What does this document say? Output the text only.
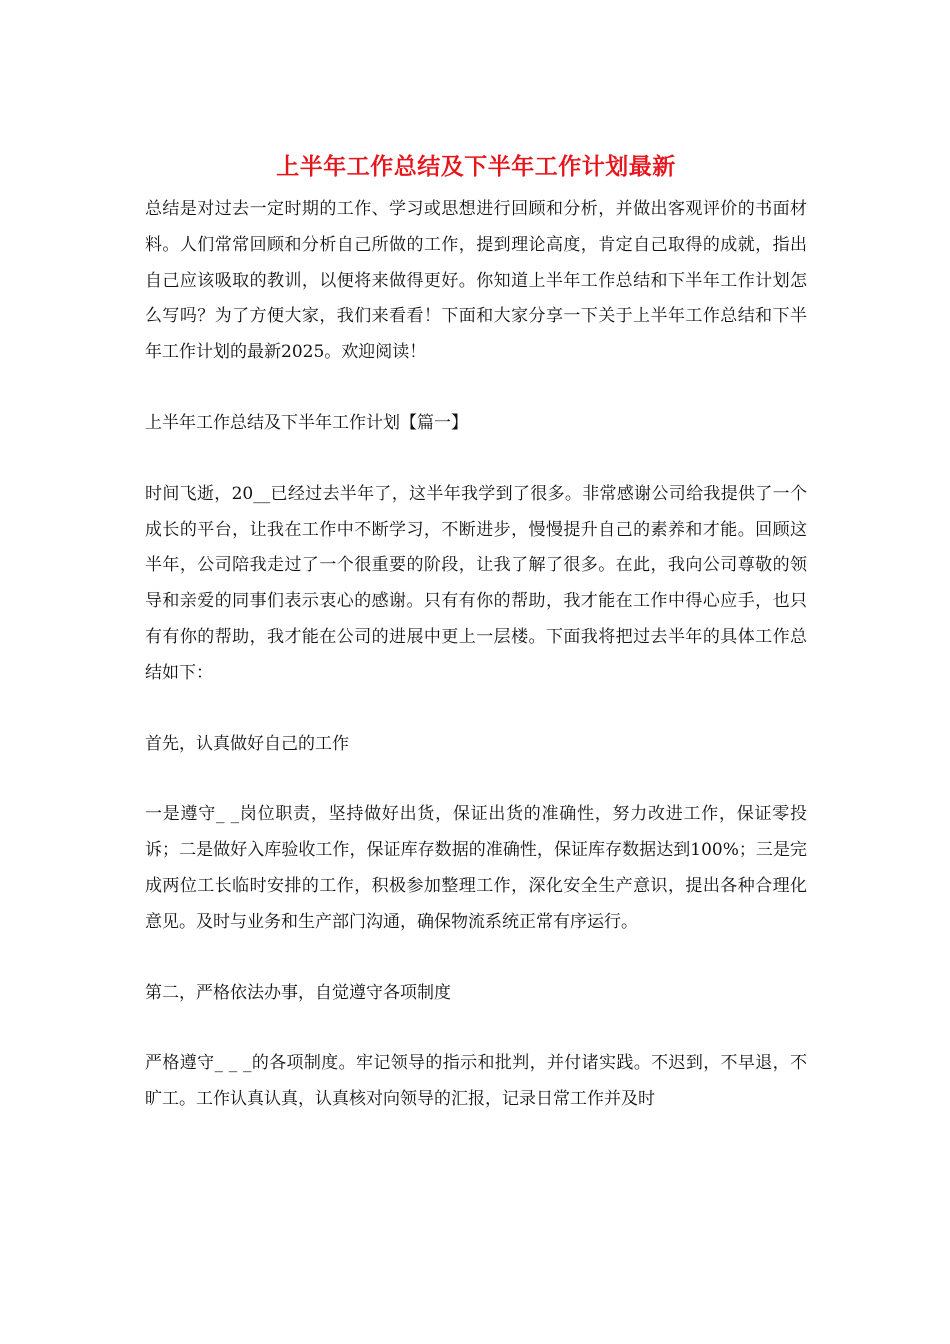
上半年工作总结及下半年工作计划最新

总结是对过去一定时期的工作、学习或思想进行回顾和分析，并做出客观评价的书面材料。人们常常回顾和分析自己所做的工作，提到理论高度，肯定自己取得的成就，指出自己应该吸取的教训，以便将来做得更好。你知道上半年工作总结和下半年工作计划怎么写吗？为了方便大家，我们来看看！下面和大家分享一下关于上半年工作总结和下半年工作计划的最新2025。欢迎阅读！

上半年工作总结及下半年工作计划【篇一】

时间飞逝，20__已经过去半年了，这半年我学到了很多。非常感谢公司给我提供了一个成长的平台，让我在工作中不断学习，不断进步，慢慢提升自己的素养和才能。回顾这半年，公司陪我走过了一个很重要的阶段，让我了解了很多。在此，我向公司尊敬的领导和亲爱的同事们表示衷心的感谢。只有有你的帮助，我才能在工作中得心应手，也只有有你的帮助，我才能在公司的进展中更上一层楼。下面我将把过去半年的具体工作总结如下：

首先，认真做好自己的工作

一是遵守_ _岗位职责，坚持做好出货，保证出货的准确性，努力改进工作，保证零投诉；二是做好入库验收工作，保证库存数据的准确性，保证库存数据达到100%；三是完成两位工长临时安排的工作，积极参加整理工作，深化安全生产意识，提出各种合理化意见。及时与业务和生产部门沟通，确保物流系统正常有序运行。

第二，严格依法办事，自觉遵守各项制度

严格遵守_ _ _的各项制度。牢记领导的指示和批判，并付诸实践。不迟到，不早退，不旷工。工作认真认真，认真核对向领导的汇报，记录日常工作并及时
